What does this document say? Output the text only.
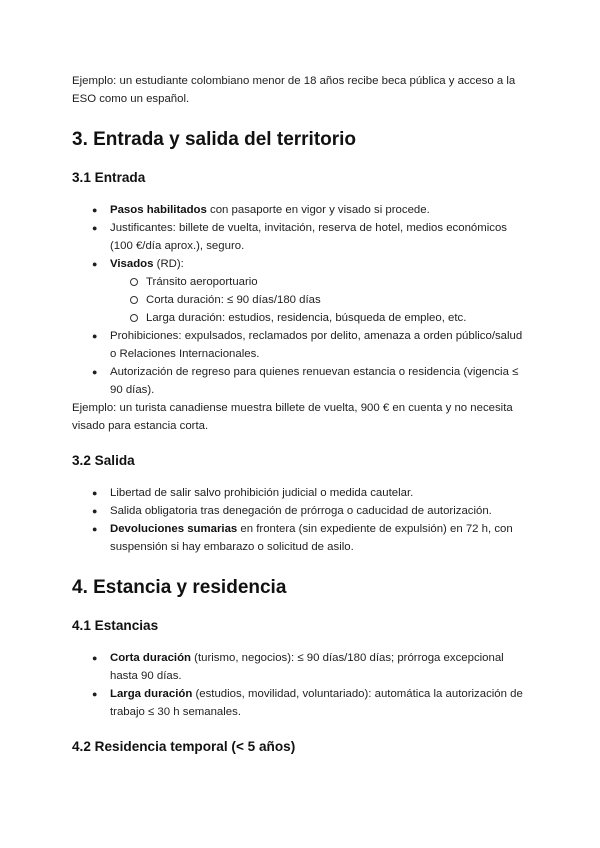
Ejemplo: un estudiante colombiano menor de 18 años recibe beca pública y acceso a la ESO como un español.

3. Entrada y salida del territorio
3.1 Entrada
● Pasos habilitados con pasaporte en vigor y visado si procede.
● Justificantes: billete de vuelta, invitación, reserva de hotel, medios económicos (100 €/día aprox.), seguro.
● Visados (RD):
Tránsito aeroportuario
Corta duración: ≤ 90 días/180 días
Larga duración: estudios, residencia, búsqueda de empleo, etc.
● Prohibiciones: expulsados, reclamados por delito, amenaza a orden público/salud o Relaciones Internacionales.
● Autorización de regreso para quienes renuevan estancia o residencia (vigencia ≤ 90 días).

Ejemplo: un turista canadiense muestra billete de vuelta, 900 € en cuenta y no necesita visado para estancia corta.

3.2 Salida
● Libertad de salir salvo prohibición judicial o medida cautelar.
● Salida obligatoria tras denegación de prórroga o caducidad de autorización.
● Devoluciones sumarias en frontera (sin expediente de expulsión) en 72 h, con suspensión si hay embarazo o solicitud de asilo.
4. Estancia y residencia
4.1 Estancias
● Corta duración (turismo, negocios): ≤ 90 días/180 días; prórroga excepcional hasta 90 días.
● Larga duración (estudios, movilidad, voluntariado): automática la autorización de trabajo ≤ 30 h semanales.
4.2 Residencia temporal (< 5 años)
